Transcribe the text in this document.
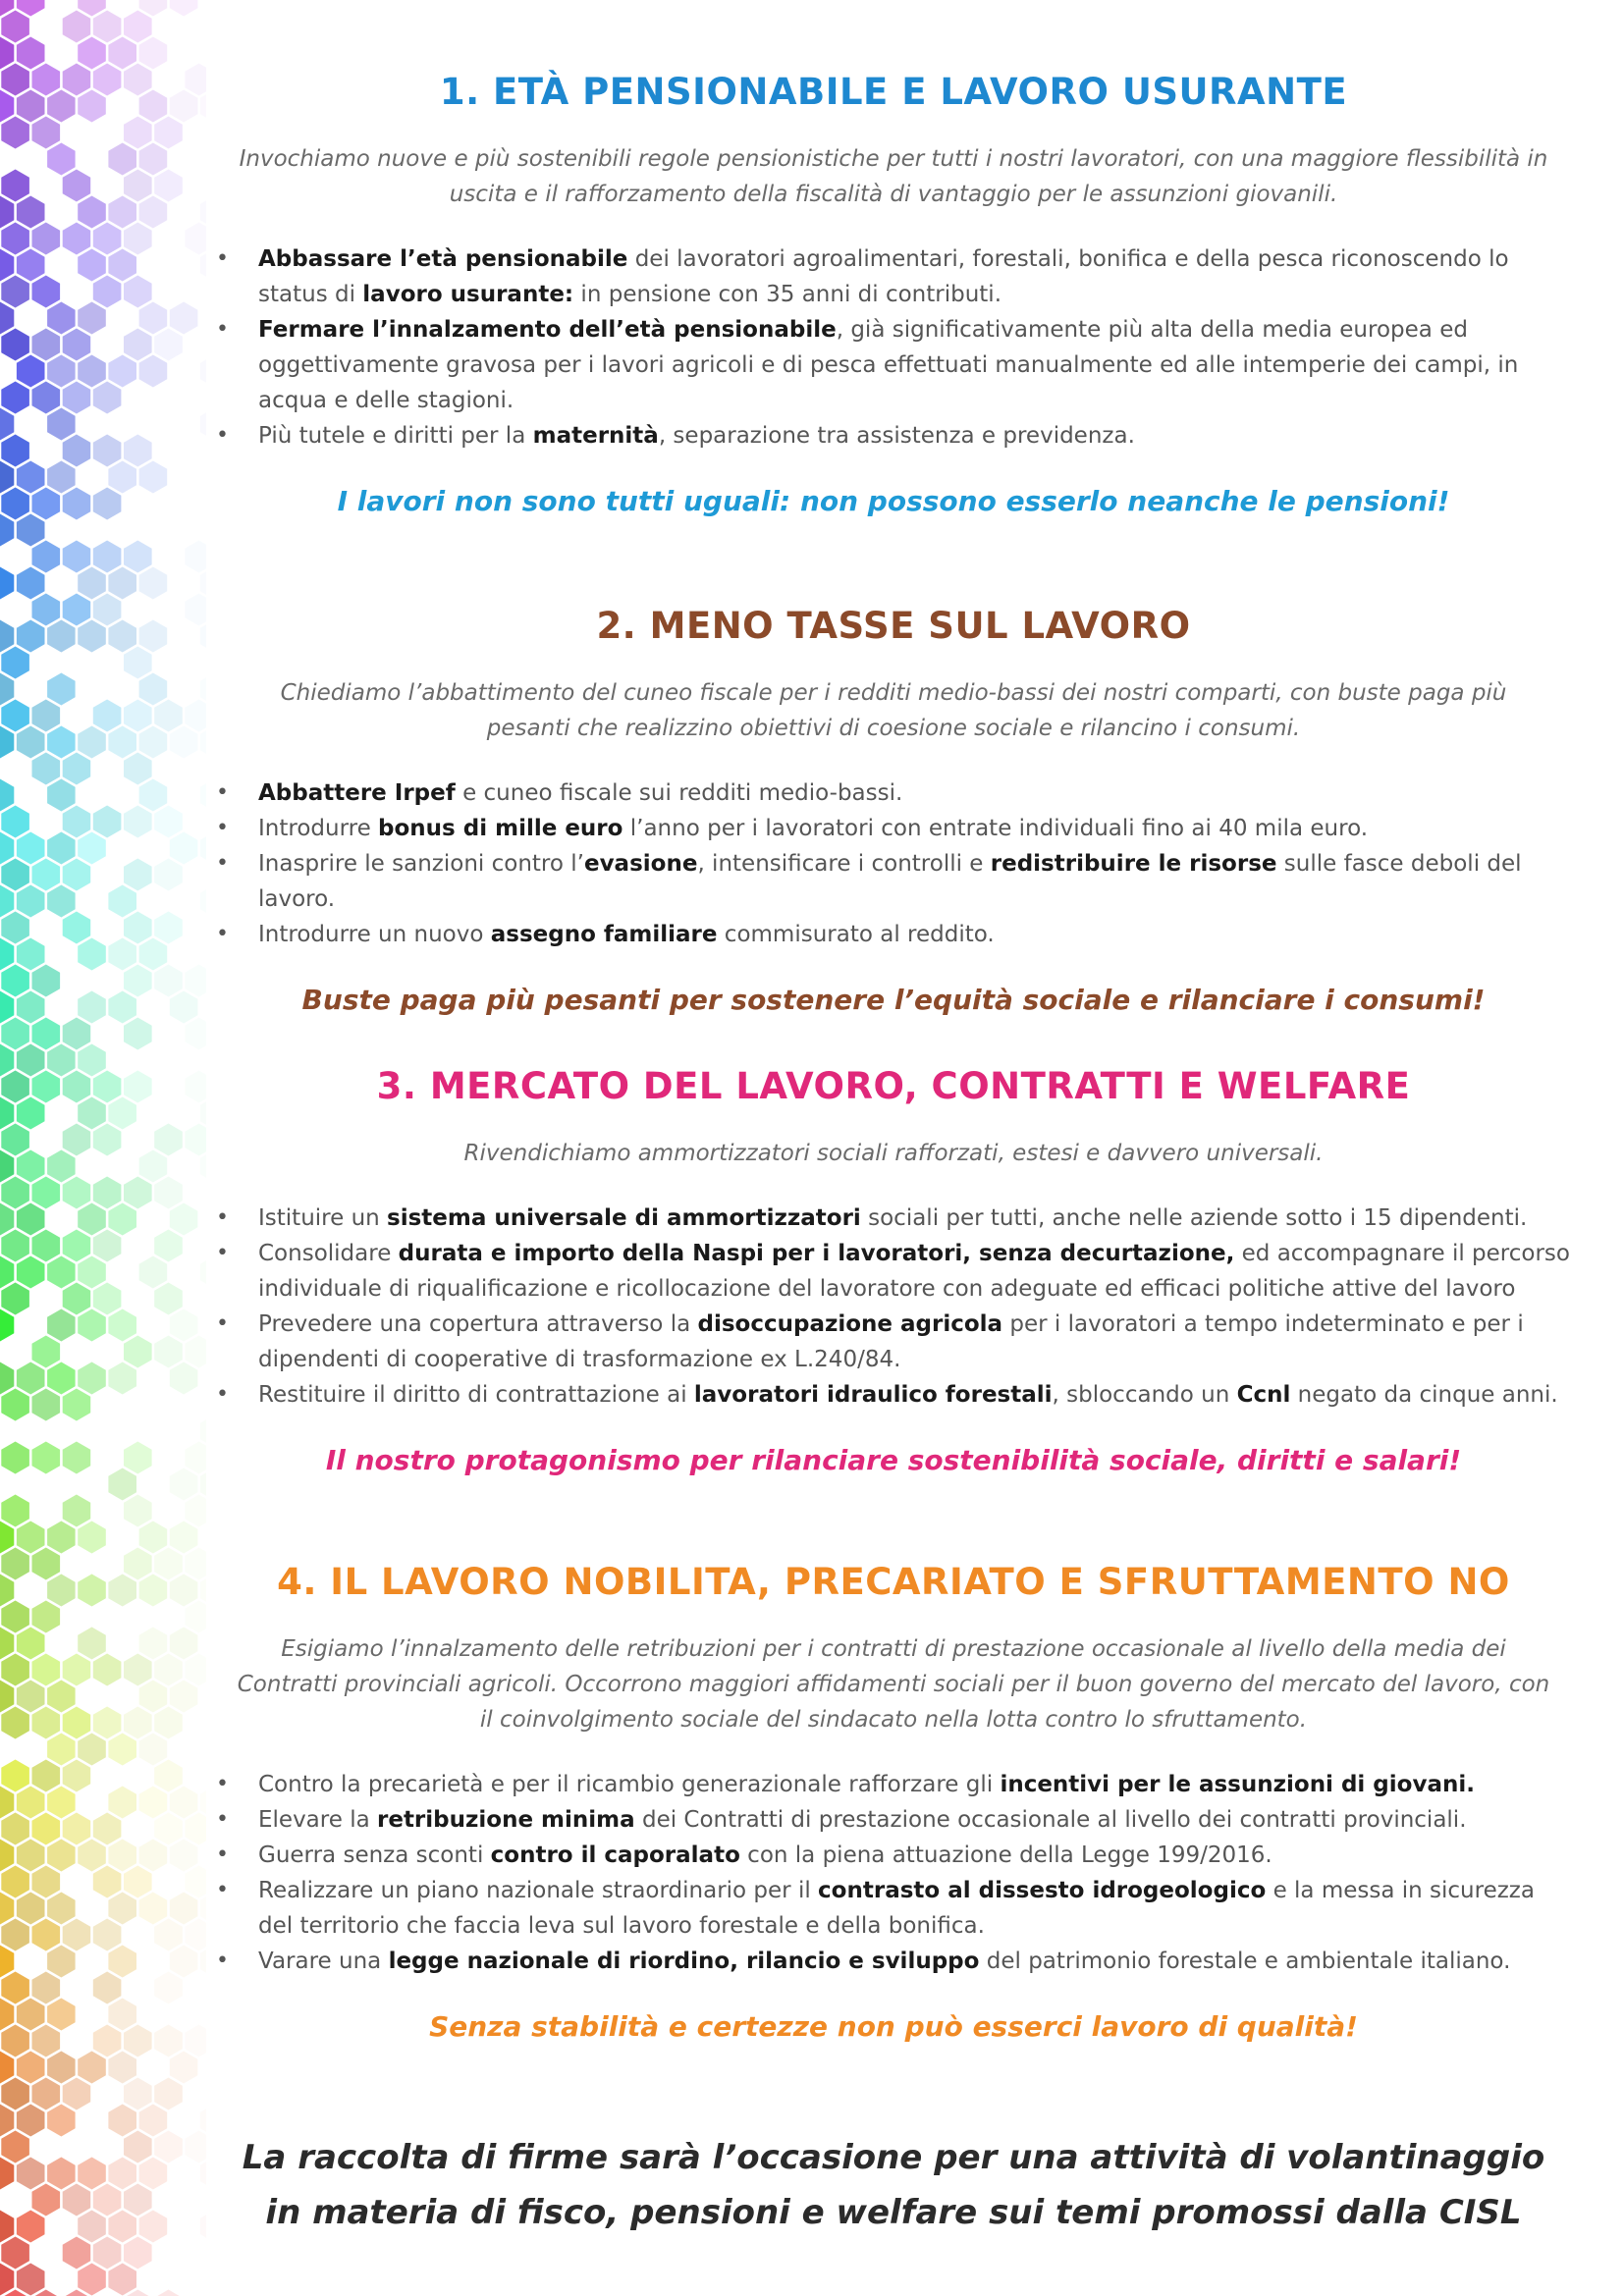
1. ETÀ PENSIONABILE E LAVORO USURANTE

Invochiamo nuove e più sostenibili regole pensionistiche per tutti i nostri lavoratori, con una maggiore flessibilità in uscita e il rafforzamento della fiscalità di vantaggio per le assunzioni giovanili.

• Abbassare l’età pensionabile dei lavoratori agroalimentari, forestali, bonifica e della pesca riconoscendo lo status di lavoro usurante: in pensione con 35 anni di contributi.
• Fermare l’innalzamento dell’età pensionabile, già significativamente più alta della media europea ed oggettivamente gravosa per i lavori agricoli e di pesca effettuati manualmente ed alle intemperie dei campi, in acqua e delle stagioni.
• Più tutele e diritti per la maternità, separazione tra assistenza e previdenza.

I lavori non sono tutti uguali: non possono esserlo neanche le pensioni!

2. MENO TASSE SUL LAVORO

Chiediamo l’abbattimento del cuneo fiscale per i redditi medio-bassi dei nostri comparti, con buste paga più pesanti che realizzino obiettivi di coesione sociale e rilancino i consumi.

• Abbattere Irpef e cuneo fiscale sui redditi medio-bassi.
• Introdurre bonus di mille euro l’anno per i lavoratori con entrate individuali fino ai 40 mila euro.
• Inasprire le sanzioni contro l’evasione, intensificare i controlli e redistribuire le risorse sulle fasce deboli del lavoro.
• Introdurre un nuovo assegno familiare commisurato al reddito.

Buste paga più pesanti per sostenere l’equità sociale e rilanciare i consumi!

3. MERCATO DEL LAVORO, CONTRATTI E WELFARE

Rivendichiamo ammortizzatori sociali rafforzati, estesi e davvero universali.

• Istituire un sistema universale di ammortizzatori sociali per tutti, anche nelle aziende sotto i 15 dipendenti.
• Consolidare durata e importo della Naspi per i lavoratori, senza decurtazione, ed accompagnare il percorso individuale di riqualificazione e ricollocazione del lavoratore con adeguate ed efficaci politiche attive del lavoro
• Prevedere una copertura attraverso la disoccupazione agricola per i lavoratori a tempo indeterminato e per i dipendenti di cooperative di trasformazione ex L.240/84.
• Restituire il diritto di contrattazione ai lavoratori idraulico forestali, sbloccando un Ccnl negato da cinque anni.

Il nostro protagonismo per rilanciare sostenibilità sociale, diritti e salari!

4. IL LAVORO NOBILITA, PRECARIATO E SFRUTTAMENTO NO

Esigiamo l’innalzamento delle retribuzioni per i contratti di prestazione occasionale al livello della media dei Contratti provinciali agricoli. Occorrono maggiori affidamenti sociali per il buon governo del mercato del lavoro, con il coinvolgimento sociale del sindacato nella lotta contro lo sfruttamento.

• Contro la precarietà e per il ricambio generazionale rafforzare gli incentivi per le assunzioni di giovani.
• Elevare la retribuzione minima dei Contratti di prestazione occasionale al livello dei contratti provinciali.
• Guerra senza sconti contro il caporalato con la piena attuazione della Legge 199/2016.
• Realizzare un piano nazionale straordinario per il contrasto al dissesto idrogeologico e la messa in sicurezza del territorio che faccia leva sul lavoro forestale e della bonifica.
• Varare una legge nazionale di riordino, rilancio e sviluppo del patrimonio forestale e ambientale italiano.

Senza stabilità e certezze non può esserci lavoro di qualità!

La raccolta di firme sarà l’occasione per una attività di volantinaggio
in materia di fisco, pensioni e welfare sui temi promossi dalla CISL
